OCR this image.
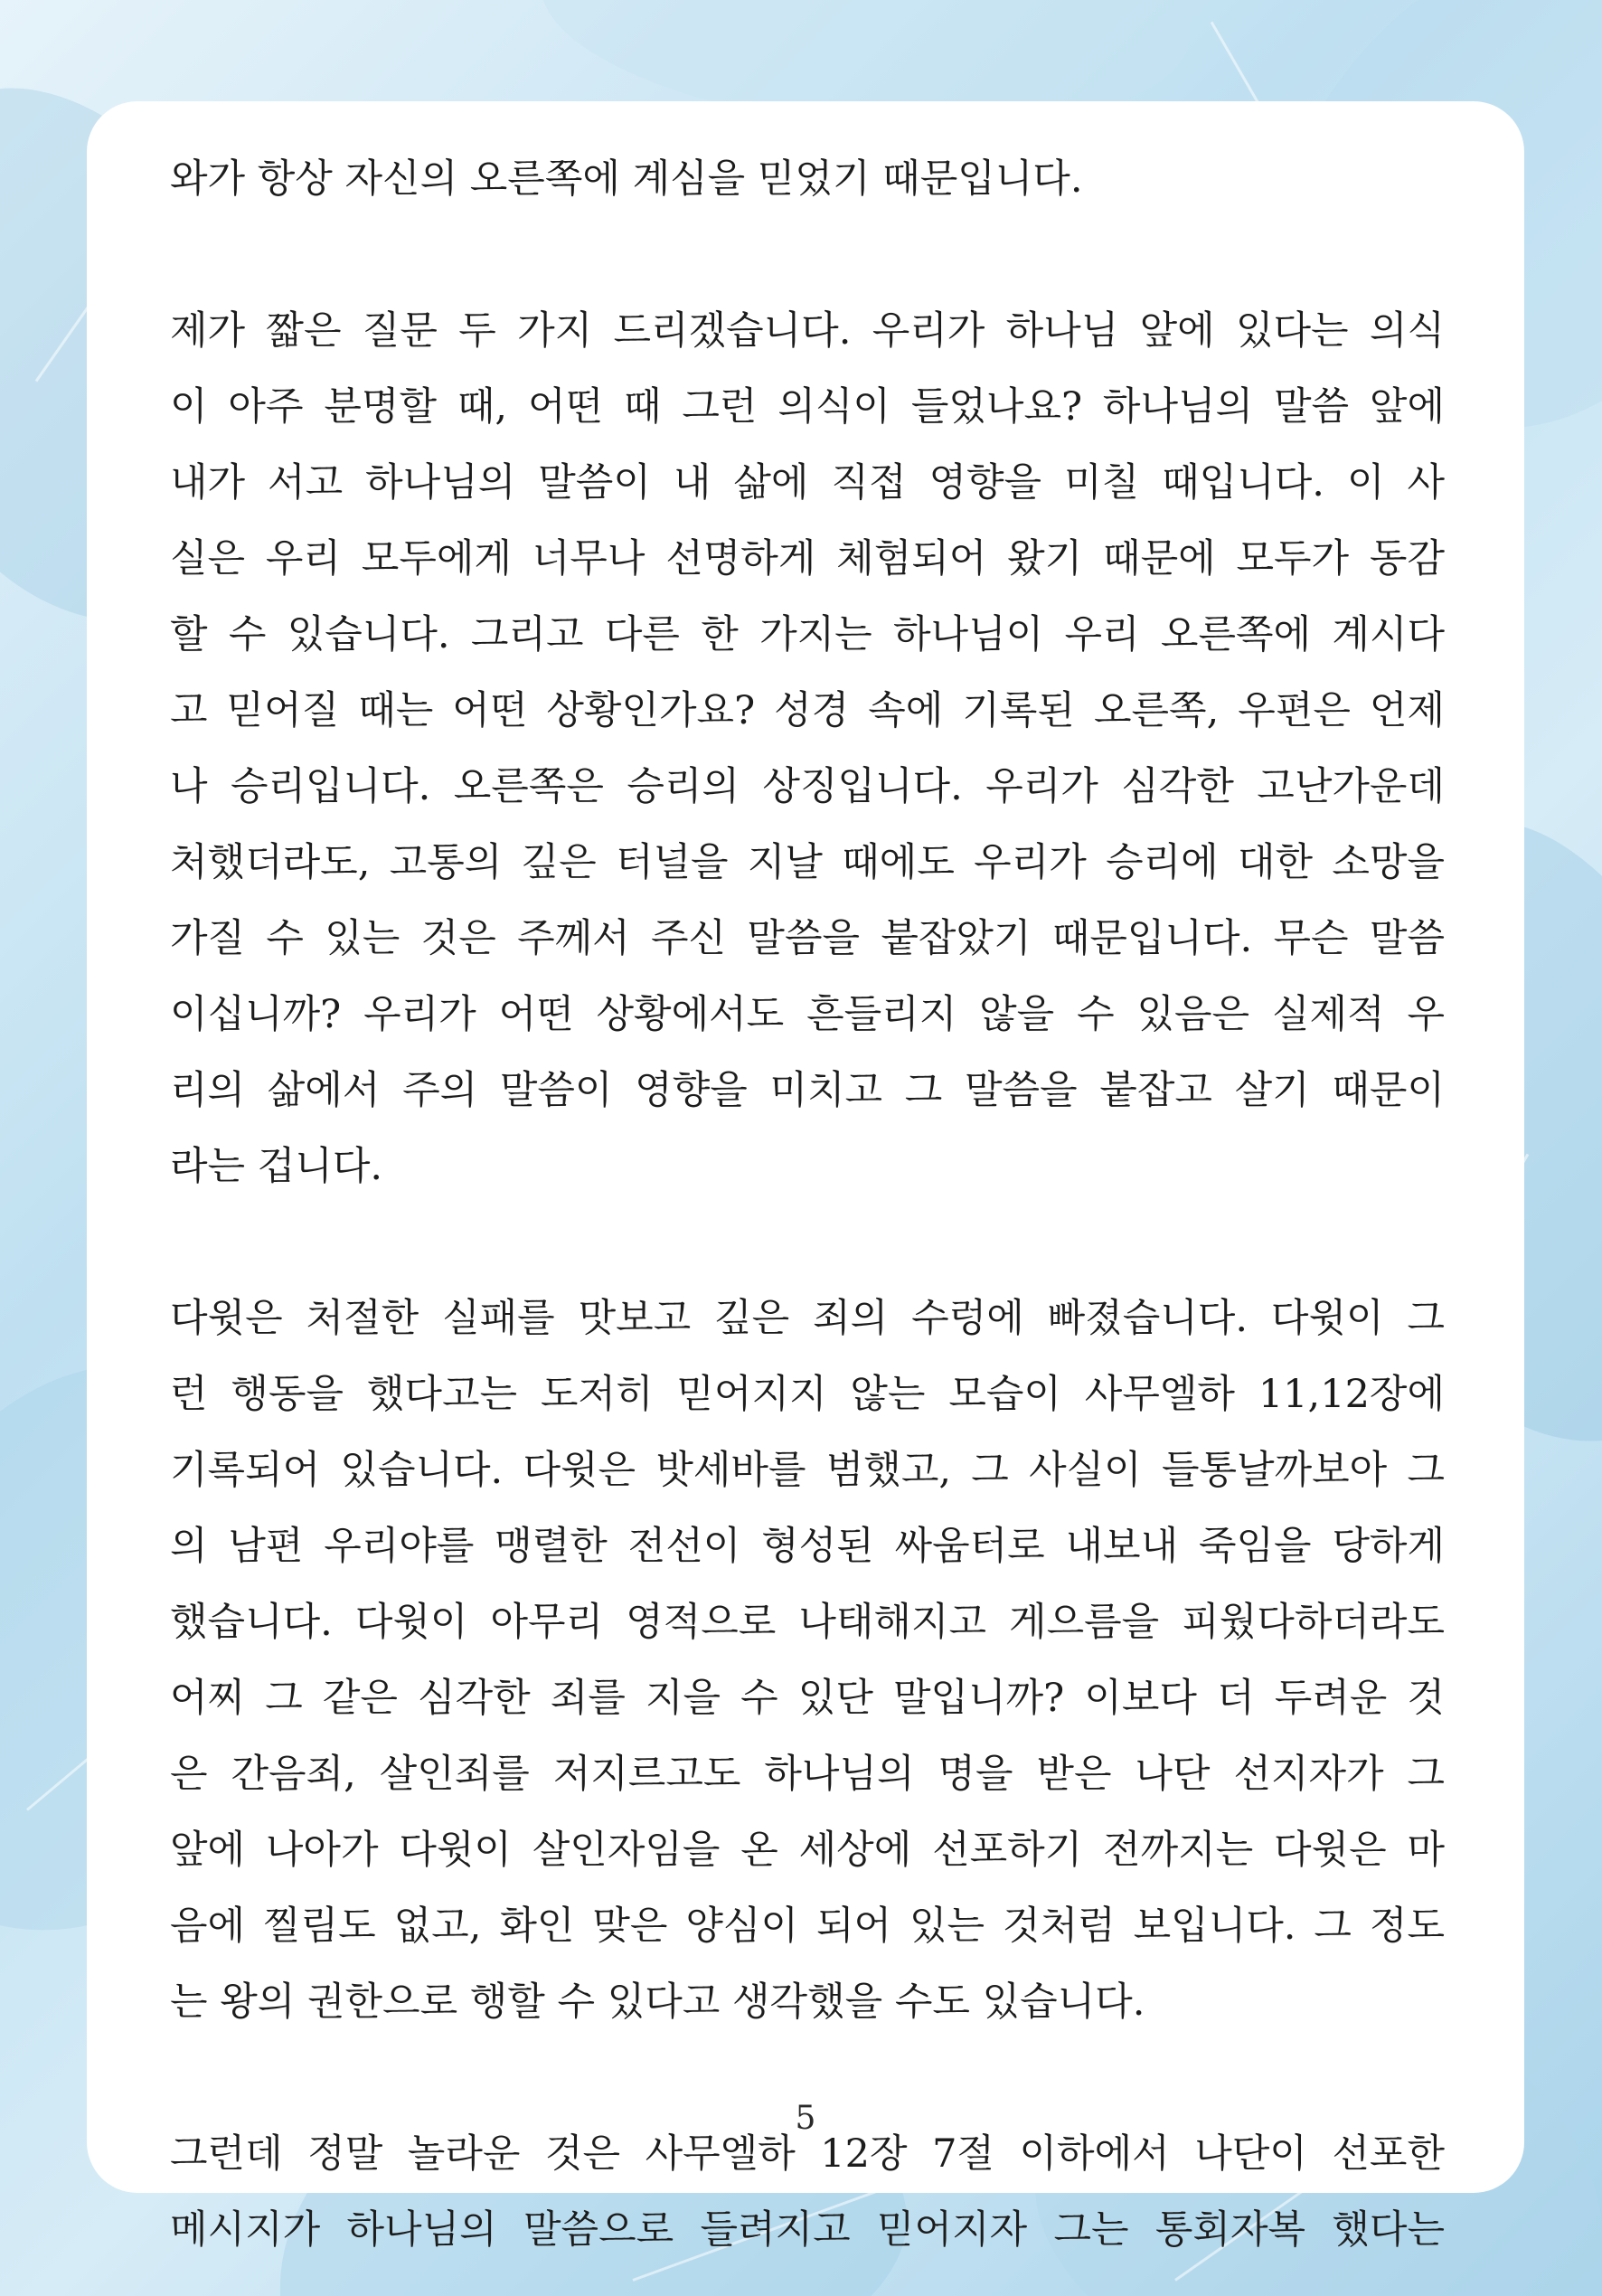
와가 항상 자신의 오른쪽에 계심을 믿었기 때문입니다.
제가 짧은 질문 두 가지 드리겠습니다. 우리가 하나님 앞에 있다는 의식
이 아주 분명할 때, 어떤 때 그런 의식이 들었나요? 하나님의 말씀 앞에
내가 서고 하나님의 말씀이 내 삶에 직접 영향을 미칠 때입니다. 이 사
실은 우리 모두에게 너무나 선명하게 체험되어 왔기 때문에 모두가 동감
할 수 있습니다. 그리고 다른 한 가지는 하나님이 우리 오른쪽에 계시다
고 믿어질 때는 어떤 상황인가요? 성경 속에 기록된 오른쪽, 우편은 언제
나 승리입니다. 오른쪽은 승리의 상징입니다. 우리가 심각한 고난가운데
처했더라도, 고통의 깊은 터널을 지날 때에도 우리가 승리에 대한 소망을
가질 수 있는 것은 주께서 주신 말씀을 붙잡았기 때문입니다. 무슨 말씀
이십니까? 우리가 어떤 상황에서도 흔들리지 않을 수 있음은 실제적 우
리의 삶에서 주의 말씀이 영향을 미치고 그 말씀을 붙잡고 살기 때문이
라는 겁니다.
다윗은 처절한 실패를 맛보고 깊은 죄의 수렁에 빠졌습니다. 다윗이 그
런 행동을 했다고는 도저히 믿어지지 않는 모습이 사무엘하 11,12장에
기록되어 있습니다. 다윗은 밧세바를 범했고, 그 사실이 들통날까보아 그
의 남편 우리야를 맹렬한 전선이 형성된 싸움터로 내보내 죽임을 당하게
했습니다. 다윗이 아무리 영적으로 나태해지고 게으름을 피웠다하더라도
어찌 그 같은 심각한 죄를 지을 수 있단 말입니까? 이보다 더 두려운 것
은 간음죄, 살인죄를 저지르고도 하나님의 명을 받은 나단 선지자가 그
앞에 나아가 다윗이 살인자임을 온 세상에 선포하기 전까지는 다윗은 마
음에 찔림도 없고, 화인 맞은 양심이 되어 있는 것처럼 보입니다. 그 정도
는 왕의 권한으로 행할 수 있다고 생각했을 수도 있습니다.
그런데 정말 놀라운 것은 사무엘하 12장 7절 이하에서 나단이 선포한
메시지가 하나님의 말씀으로 들려지고 믿어지자 그는 통회자복 했다는
5
